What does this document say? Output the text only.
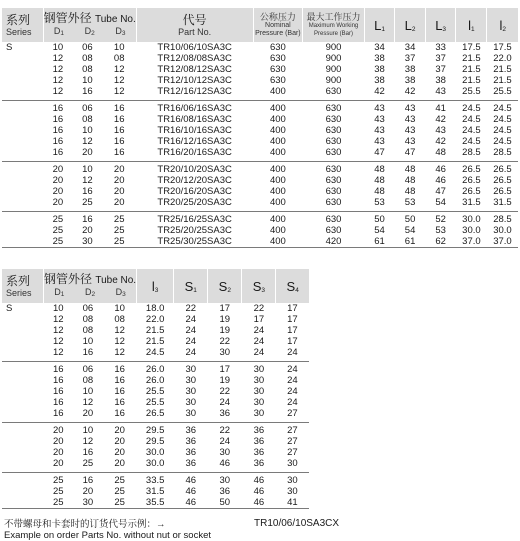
系列
Series	钢管外径 Tube No.
D1 D2 D3			代号
Part No.	公称压力
Nominal
Pressure (Bar)	最大工作压力
Maximum Working
Pressure (Bar)	L1	L2	L3	l1	l2
S	10	06	10	TR10/06/10SA3C	630	900	34	34	33	17.5	17.5
	12	08	08	TR12/08/08SA3C	630	900	38	37	37	21.5	22.0
	12	08	12	TR12/08/12SA3C	630	900	38	38	37	21.5	21.5
	12	10	12	TR12/10/12SA3C	630	900	38	38	38	21.5	21.5
	12	16	12	TR12/16/12SA3C	400	630	42	42	43	25.5	25.5
	16	06	16	TR16/06/16SA3C	400	630	43	43	41	24.5	24.5
	16	08	16	TR16/08/16SA3C	400	630	43	43	42	24.5	24.5
	16	10	16	TR16/10/16SA3C	400	630	43	43	43	24.5	24.5
	16	12	16	TR16/12/16SA3C	400	630	43	43	42	24.5	24.5
	16	20	16	TR16/20/16SA3C	400	630	47	47	48	28.5	28.5
	20	10	20	TR20/10/20SA3C	400	630	48	48	46	26.5	26.5
	20	12	20	TR20/12/20SA3C	400	630	48	48	46	26.5	26.5
	20	16	20	TR20/16/20SA3C	400	630	48	48	47	26.5	26.5
	20	25	20	TR20/25/20SA3C	400	630	53	53	54	31.5	31.5
	25	16	25	TR25/16/25SA3C	400	630	50	50	52	30.0	28.5
	25	20	25	TR25/20/25SA3C	400	630	54	54	53	30.0	30.0
	25	30	25	TR25/30/25SA3C	400	420	61	61	62	37.0	37.0
系列
Series	钢管外径 Tube No.
D1 D2 D3			l3	S1	S2	S3	S4
S	10	06	10	18.0	22	17	22	17
	12	08	08	22.0	24	19	17	17
	12	08	12	21.5	24	19	24	17
	12	10	12	21.5	24	22	24	17
	12	16	12	24.5	24	30	24	24
	16	06	16	26.0	30	17	30	24
	16	08	16	26.0	30	19	30	24
	16	10	16	25.5	30	22	30	24
	16	12	16	25.5	30	24	30	24
	16	20	16	26.5	30	36	30	27
	20	10	20	29.5	36	22	36	27
	20	12	20	29.5	36	24	36	27
	20	16	20	30.0	36	30	36	27
	20	25	20	30.0	36	46	36	30
	25	16	25	33.5	46	30	46	30
	25	20	25	31.5	46	36	46	30
	25	30	25	35.5	46	50	46	41
不带螺母和卡套时的订货代号示例：→
Example on order Parts No. without nut or socket
TR10/06/10SA3CX
